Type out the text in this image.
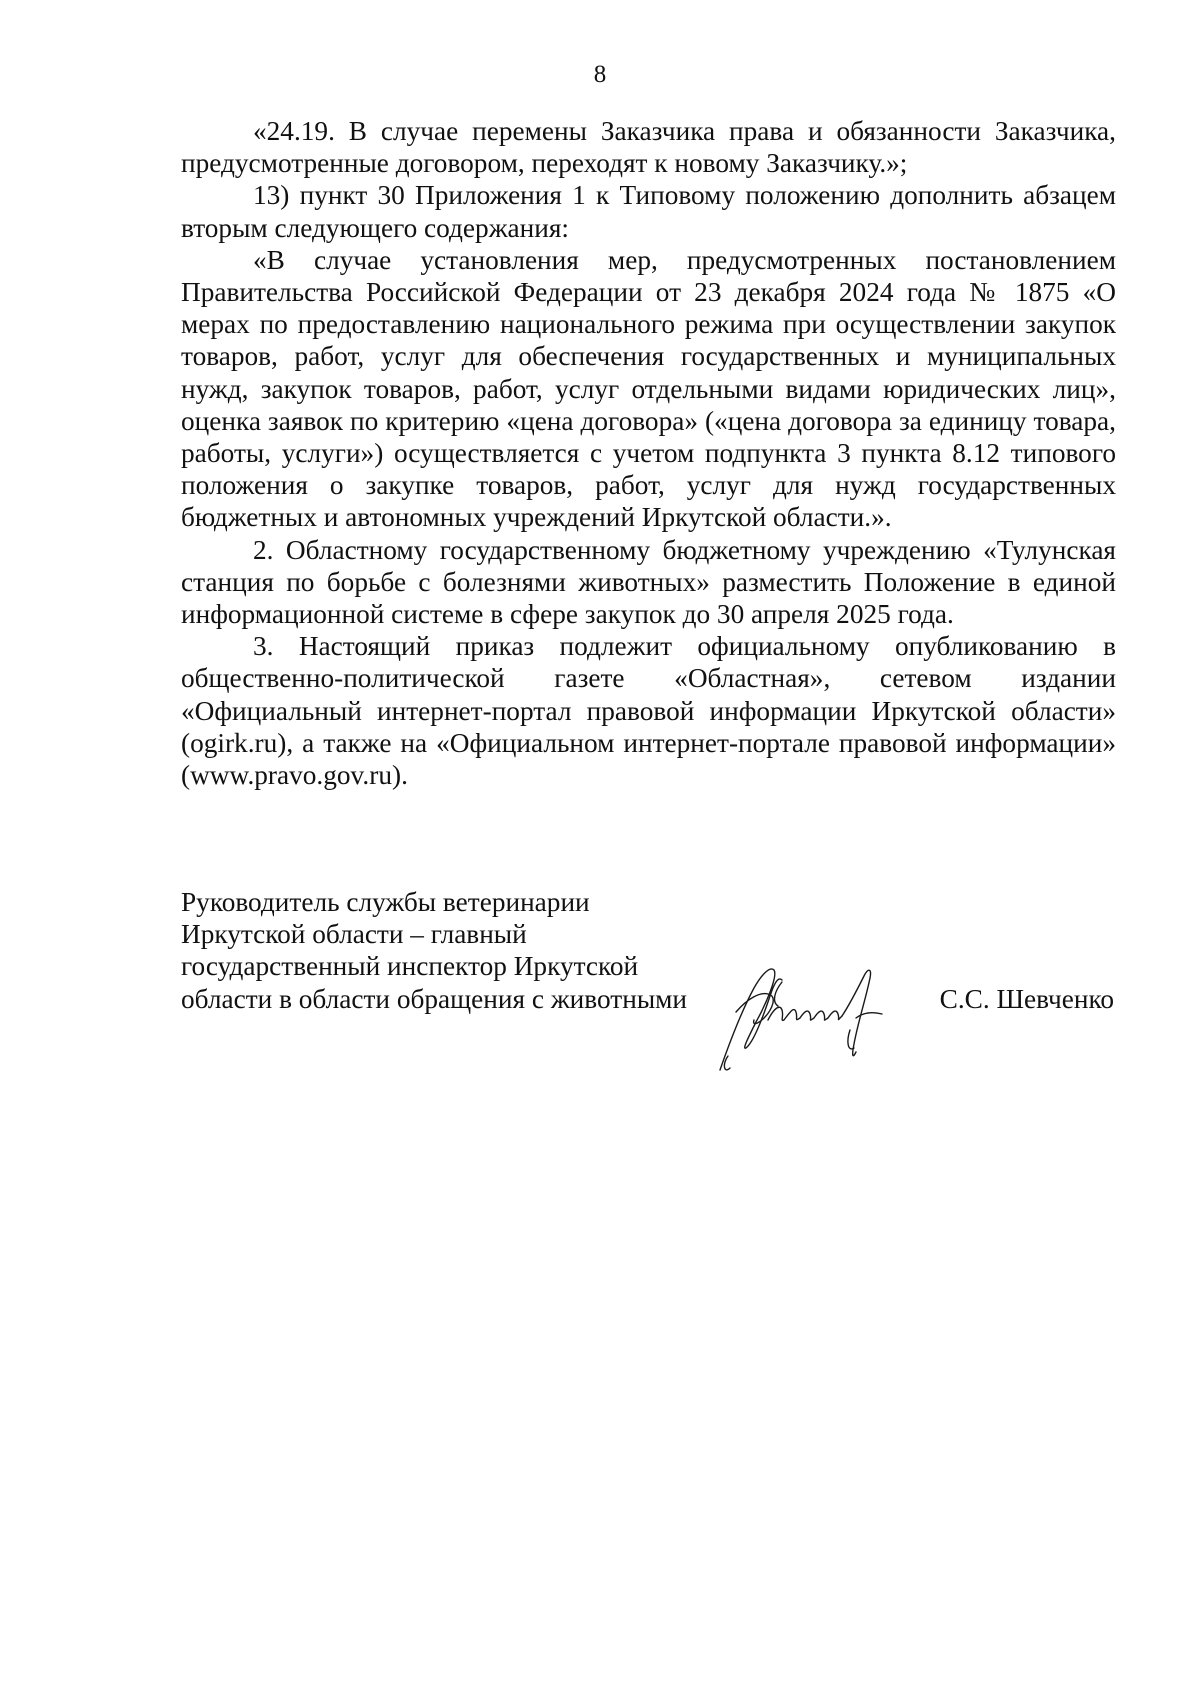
8

«24.19. В случае перемены Заказчика права и обязанности Заказчика, предусмотренные договором, переходят к новому Заказчику.»;

13) пункт 30 Приложения 1 к Типовому положению дополнить абзацем вторым следующего содержания:

«В случае установления мер, предусмотренных постановлением Правительства Российской Федерации от 23 декабря 2024 года № 1875 «О мерах по предоставлению национального режима при осуществлении закупок товаров, работ, услуг для обеспечения государственных и муниципальных нужд, закупок товаров, работ, услуг отдельными видами юридических лиц», оценка заявок по критерию «цена договора» («цена договора за единицу товара, работы, услуги») осуществляется с учетом подпункта 3 пункта 8.12 типового положения о закупке товаров, работ, услуг для нужд государственных бюджетных и автономных учреждений Иркутской области.».

2. Областному государственному бюджетному учреждению «Тулунская станция по борьбе с болезнями животных» разместить Положение в единой информационной системе в сфере закупок до 30 апреля 2025 года.

3. Настоящий приказ подлежит официальному опубликованию в общественно-политической газете «Областная», сетевом издании «Официальный интернет-портал правовой информации Иркутской области» (ogirk.ru), а также на «Официальном интернет-портале правовой информации» (www.pravo.gov.ru).

Руководитель службы ветеринарии
Иркутской области – главный
государственный инспектор Иркутской
области в области обращения с животными	С.С. Шевченко
